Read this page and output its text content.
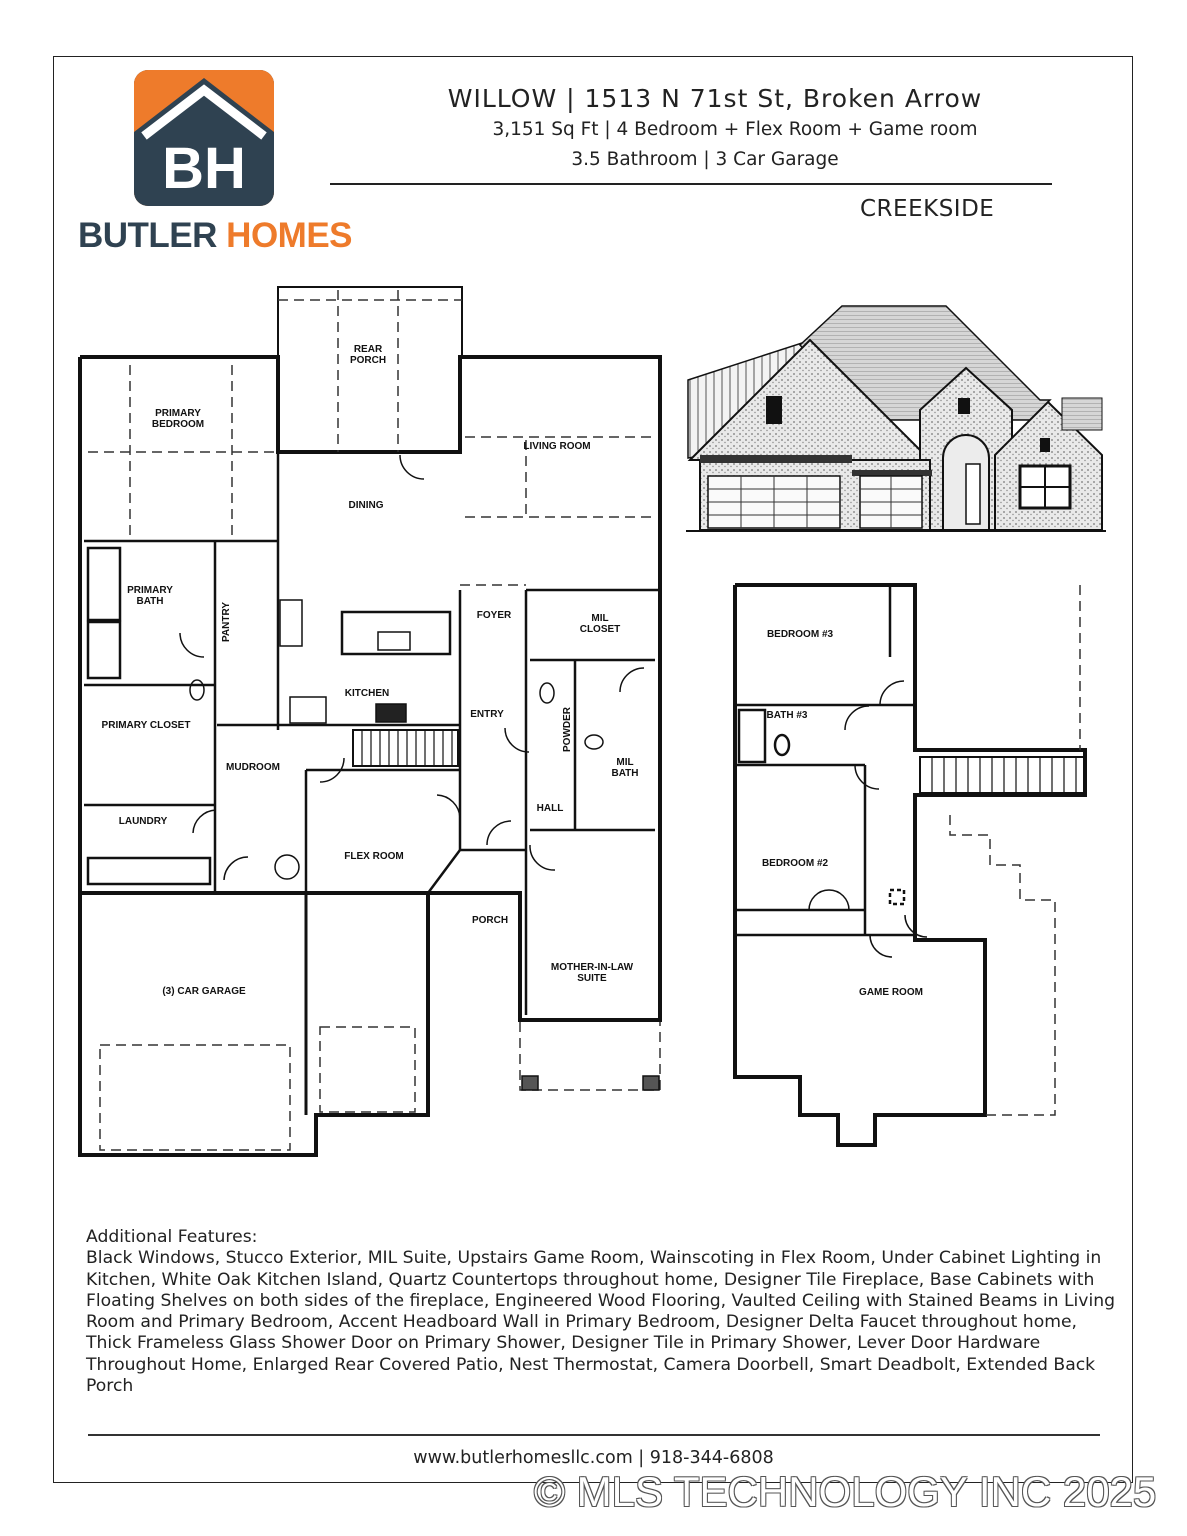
BH
BUTLER HOMES
WILLOW | 1513 N 71st St, Broken Arrow
3,151 Sq Ft | 4 Bedroom + Flex Room + Game room
3.5 Bathroom | 3 Car Garage
CREEKSIDE
REAR
PORCH
PRIMARY
BEDROOM
LIVING ROOM
DINING
PRIMARY
BATH
PANTRY	FOYER	MIL
CLOSET
KITCHEN
ENTRY	POWDER
MIL
BATH
PRIMARY CLOSET
MUDROOM
HALL
LAUNDRY
FLEX ROOM
PORCH
(3) CAR GARAGE
MOTHER-IN-LAW
SUITE
BEDROOM #3
BATH #3
BEDROOM #2
GAME ROOM
Additional Features:
Black Windows, Stucco Exterior, MIL Suite, Upstairs Game Room, Wainscoting in Flex Room, Under Cabinet Lighting in Kitchen, White Oak Kitchen Island, Quartz Countertops throughout home, Designer Tile Fireplace, Base Cabinets with Floating Shelves on both sides of the fireplace, Engineered Wood Flooring, Vaulted Ceiling with Stained Beams in Living Room and Primary Bedroom, Accent Headboard Wall in Primary Bedroom, Designer Delta Faucet throughout home, Thick Frameless Glass Shower Door on Primary Shower, Designer Tile in Primary Shower, Lever Door Hardware Throughout Home, Enlarged Rear Covered Patio, Nest Thermostat, Camera Doorbell, Smart Deadbolt, Extended Back Porch
www.butlerhomesllc.com | 918-344-6808
© MLS TECHNOLOGY INC 2025
